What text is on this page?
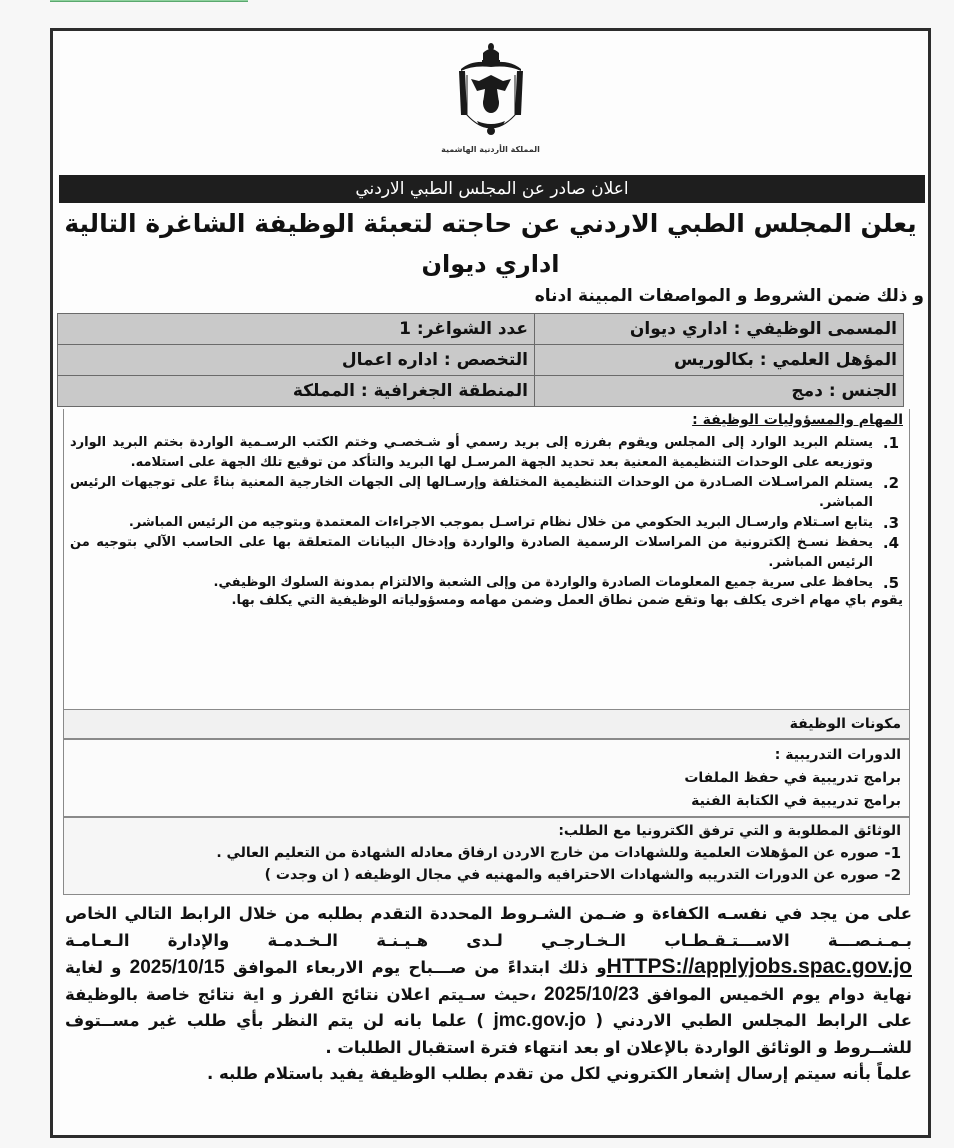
المملكة الأردنية الهاشمية
اعلان صادر عن المجلس الطبي الاردني
يعلن المجلس الطبي الاردني عن حاجته لتعبئة الوظيفة الشاغرة التالية
اداري ديوان
و ذلك ضمن الشروط و المواصفات المبينة ادناه
المسمى الوظيفي : اداري ديوان	عدد الشواغر: 1
المؤهل العلمي : بكالوريس	التخصص : اداره اعمال
الجنس : دمج	المنطقة الجغرافية : المملكة
المهام والمسؤوليات الوظيفة :
1.
يستلم البريد الوارد إلى المجلس ويقوم بفرزه إلى بريد رسمي أو شـخصـي وختم الكتب الرسـمية الواردة بختم البريد الوارد وتوزيعه على الوحدات التنظيمية المعنية بعد تحديد الجهة المرسـل لها البريد والتأكد من توقيع تلك الجهة على استلامه.
2.
يستلم المراسـلات الصـادرة من الوحدات التنظيمية المختلفة وإرسـالها إلى الجهات الخارجية المعنية بناءً على توجيهات الرئيس المباشر.
3.
يتابع اسـتلام وارسـال البريد الحكومي من خلال نظام تراسـل بموجب الاجراءات المعتمدة وبتوجيه من الرئيس المباشر.
4.
يحفظ نسـخ إلكترونية من المراسلات الرسمية الصادرة والواردة وإدخال البيانات المتعلقة بها على الحاسب الآلي بتوجيه من الرئيس المباشر.
5.
يحافظ على سرية جميع المعلومات الصادرة والواردة من وإلى الشعبة والالتزام بمدونة السلوك الوظيفي.
يقوم باي مهام اخرى يكلف بها وتقع ضمن نطاق العمل وضمن مهامه ومسؤولياته الوظيفية التي يكلف بها.
مكونات الوظيفة
الدورات التدريبية :
برامج تدريبية في حفظ الملفات
برامج تدريبية في الكتابة الفنية
الوثائق المطلوبة و التي ترفق الكترونيا مع الطلب:
1-
صوره عن المؤهلات العلمية وللشهادات من خارج الاردن ارفاق معادله الشهادة من التعليم العالي .
2-
صوره عن الدورات التدريبه والشهادات الاحترافيه والمهنيه في مجال الوظيفه ( ان وجدت )

على من يجد في نفسـه الكفاءة و ضـمن الشـروط المحددة التقدم بطلبه من خلال الرابط التالي الخاص بـمـنـصـــة الاســـتـقـطـاب الـخـارجـي لـدى هـيـنـة الـخـدمـة والإدارة الـعـامـة HTTPS://applyjobs.spac.gov.joو ذلك ابتداءً من صـــباح يوم الاربعاء الموافق 2025/10/15 و لغاية نهاية دوام يوم الخميس الموافق 2025/10/23 ،حيث سـيتم اعلان نتائج الفرز و اية نتائج خاصة بالوظيفة على الرابط المجلس الطبي الاردني ( jmc.gov.jo ) علما بانه لن يتم النظر بأي طلب غير مســتوف للشــروط و الوثائق الواردة بالإعلان او بعد انتهاء فترة استقبال الطلبات .

علماً بأنه سيتم إرسال إشعار الكتروني لكل من تقدم بطلب الوظيفة يفيد باستلام طلبه .
